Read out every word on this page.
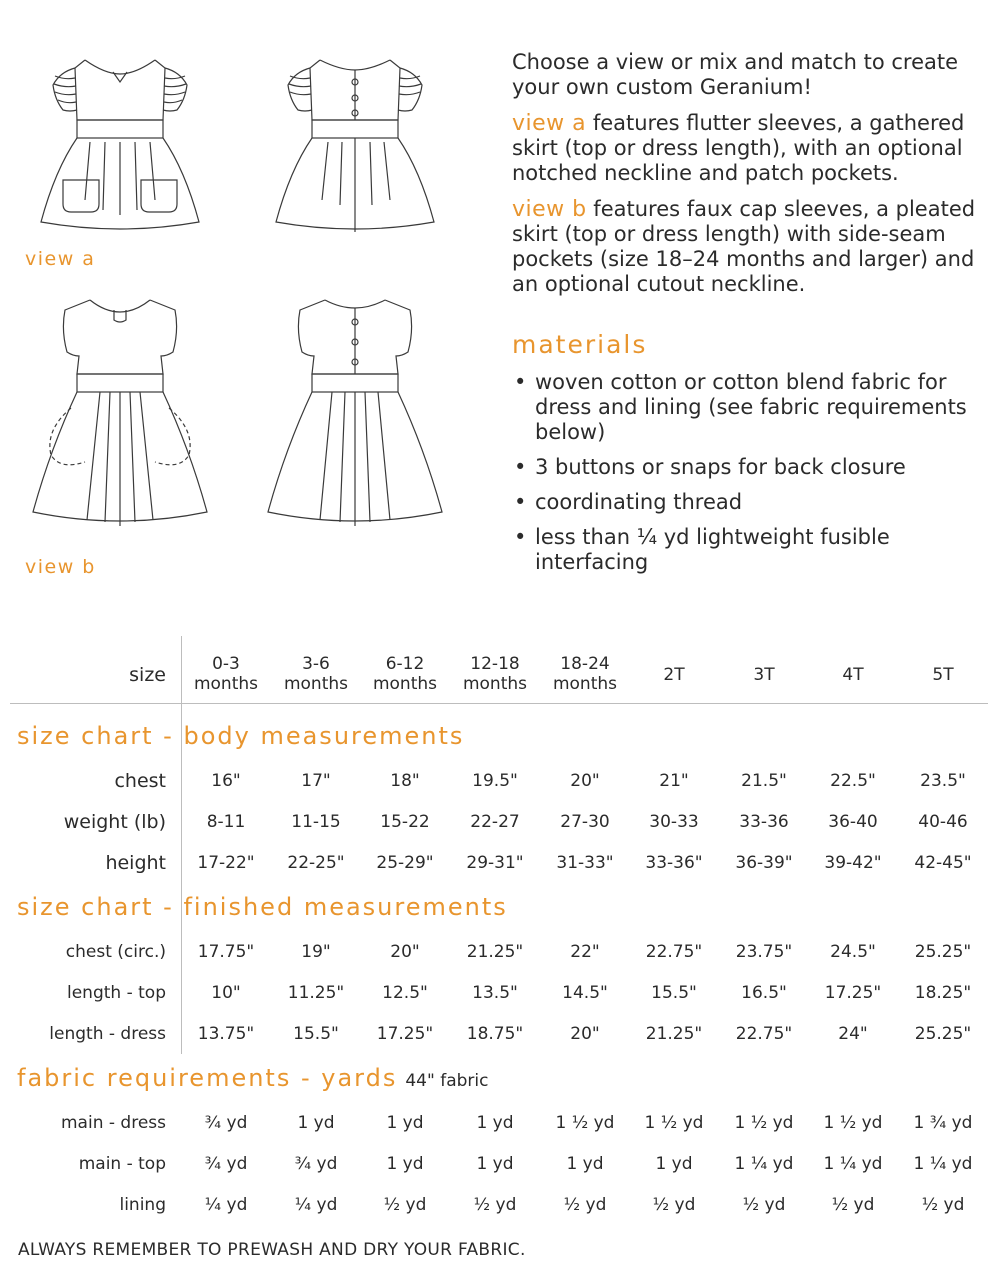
view a
view b

Choose a view or mix and match to create your own custom Geranium!

view a features flutter sleeves, a gathered skirt (top or dress length), with an optional notched neckline and patch pockets.

view b features faux cap sleeves, a pleated skirt (top or dress length) with side-seam pockets (size 18–24 months and larger) and an optional cutout neckline.

materials
• woven cotton or cotton blend fabric for dress and lining (see fabric requirements below)
• 3 buttons or snaps for back closure
• coordinating thread
• less than ¼ yd lightweight fusible interfacing
size	0-3
months
3-6
months
6-12
months
12-18
months
18-24
months	2T	3T	4T	5T
size chart - body measurements
chest	16"	17"	18"	19.5"	20"	21"	21.5"	22.5"	23.5"
weight (lb)	8-11	11-15	15-22	22-27	27-30	30-33	33-36	36-40	40-46
height	17-22"	22-25"	25-29"	29-31"	31-33"	33-36"	36-39"	39-42"	42-45"
size chart - finished measurements
chest (circ.)	17.75"	19"	20"	21.25"	22"	22.75"	23.75"	24.5"	25.25"
length - top	10"	11.25"	12.5"	13.5"	14.5"	15.5"	16.5"	17.25"	18.25"
length - dress	13.75"	15.5"	17.25"	18.75"	20"	21.25"	22.75"	24"	25.25"
fabric requirements - yards 44" fabric
main - dress	¾ yd	1 yd	1 yd	1 yd	1 ½ yd	1 ½ yd	1 ½ yd	1 ½ yd	1 ¾ yd
main - top	¾ yd	¾ yd	1 yd	1 yd	1 yd	1 yd	1 ¼ yd	1 ¼ yd	1 ¼ yd
lining	¼ yd	¼ yd	½ yd	½ yd	½ yd	½ yd	½ yd	½ yd	½ yd
ALWAYS REMEMBER TO PREWASH AND DRY YOUR FABRIC.
